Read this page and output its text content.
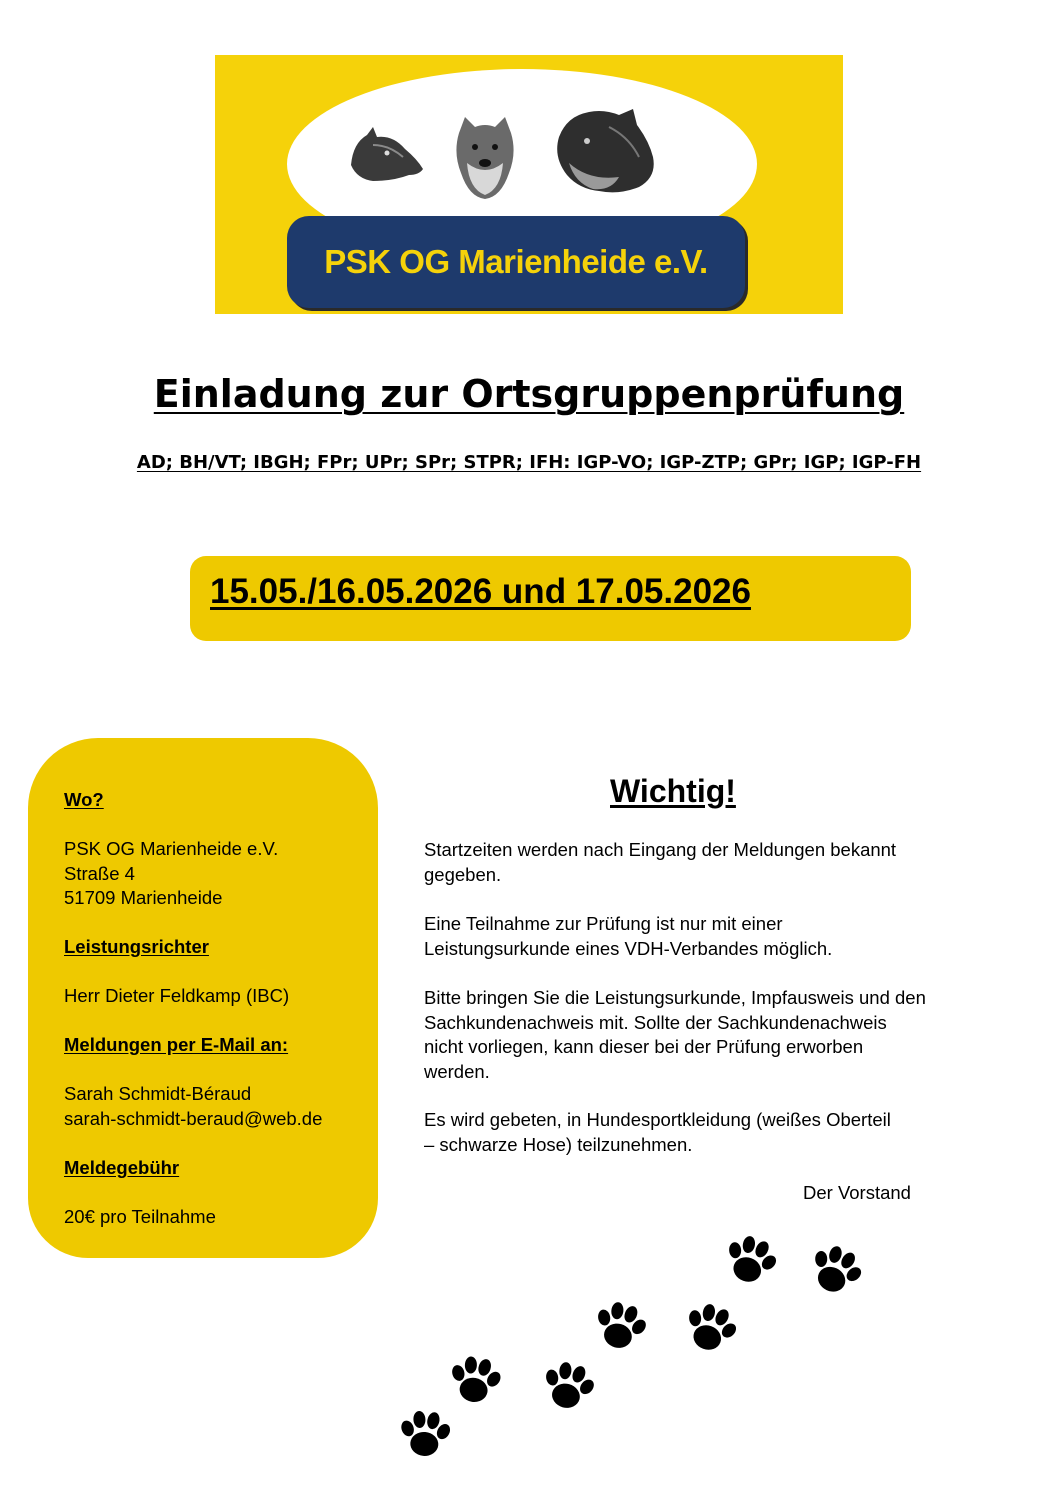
PSK OG Marienheide e.V.
Einladung zur Ortsgruppenprüfung
AD; BH/VT; IBGH; FPr; UPr; SPr; STPR; IFH: IGP-VO; IGP-ZTP; GPr; IGP; IGP-FH
15.05./16.05.2026 und 17.05.2026
Wo?
PSK OG Marienheide e.V.
Straße 4
51709 Marienheide
Leistungsrichter
Herr Dieter Feldkamp (IBC)
Meldungen per E-Mail an:
Sarah Schmidt-Béraud
sarah-schmidt-beraud@web.de
Meldegebühr
20€ pro Teilnahme
Wichtig!
Startzeiten werden nach Eingang der Meldungen bekannt gegeben.
Eine Teilnahme zur Prüfung ist nur mit einer Leistungsurkunde eines VDH-Verbandes möglich.
Bitte bringen Sie die Leistungsurkunde, Impfausweis und den Sachkundenachweis mit. Sollte der Sachkundenachweis nicht vorliegen, kann dieser bei der Prüfung erworben werden.
Es wird gebeten, in Hundesportkleidung (weißes Oberteil – schwarze Hose) teilzunehmen.
Der Vorstand
